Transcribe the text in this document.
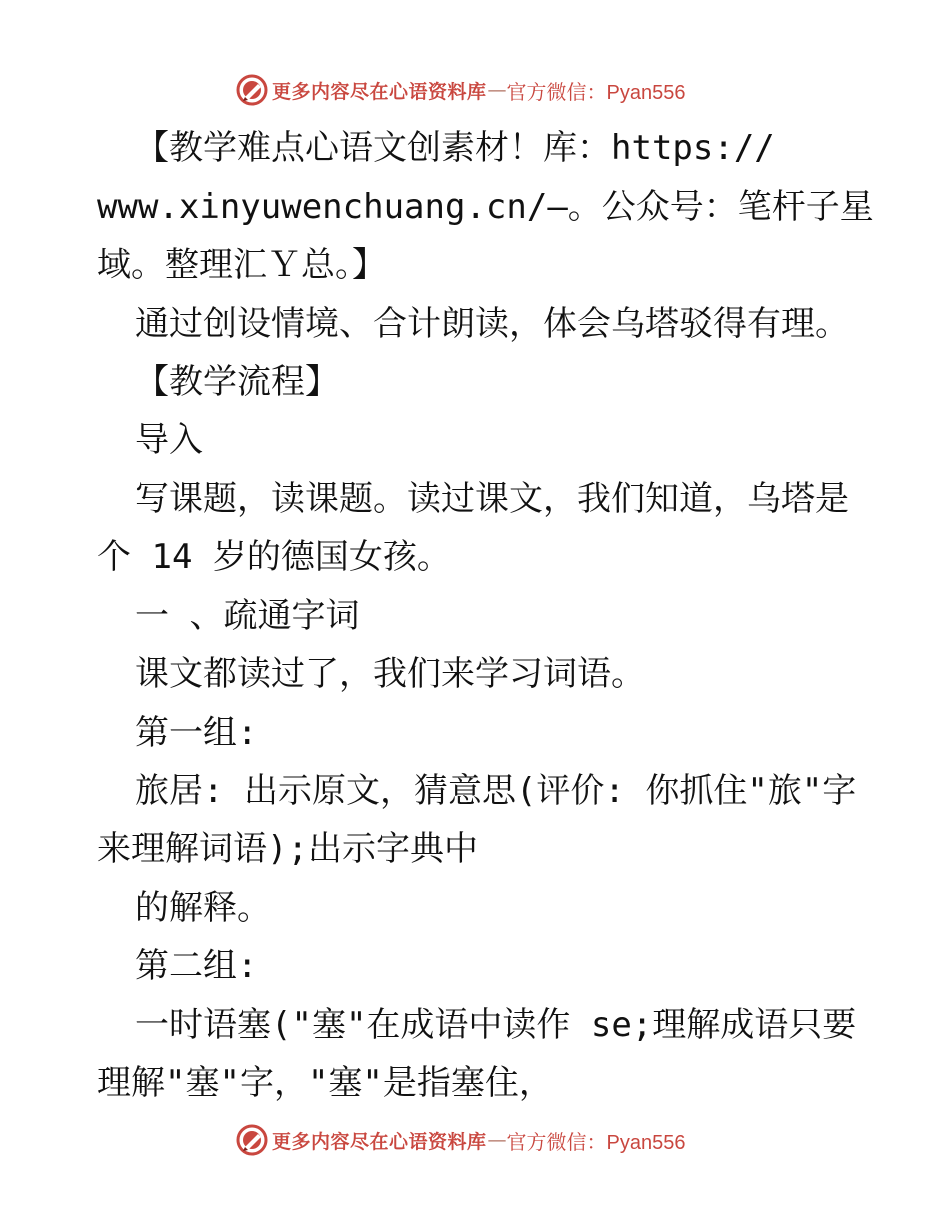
更多内容尽在心语资料库 — 官方微信：Pyan556
【教学难点心语文创素材！库：https://
www.xinyuwenchuang.cn/—。公众号：笔杆子星
域。整理汇Ｙ总。】
通过创设情境、合计朗读，体会乌塔驳得有理。
【教学流程】
导入
写课题，读课题。读过课文，我们知道，乌塔是
个 14 岁的德国女孩。
一 、疏通字词
课文都读过了，我们来学习词语。
第一组:
旅居: 出示原文，猜意思(评价: 你抓住"旅"字
来理解词语);出示字典中
的解释。
第二组:
一时语塞("塞"在成语中读作 se;理解成语只要
理解"塞"字，"塞"是指塞住，
更多内容尽在心语资料库 — 官方微信：Pyan556
